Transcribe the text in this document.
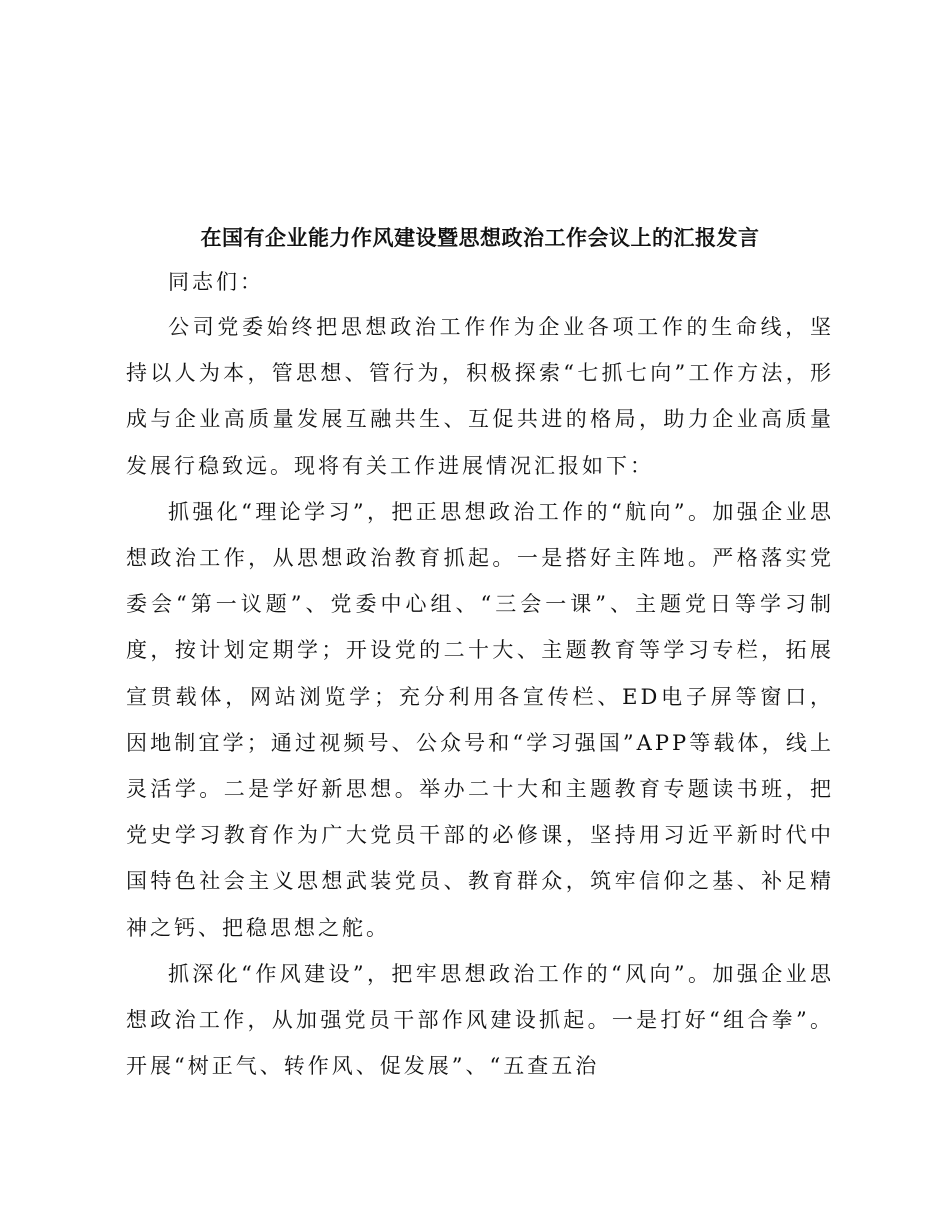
在国有企业能力作风建设暨思想政治工作会议上的汇报发言

同志们：

公司党委始终把思想政治工作作为企业各项工作的生命线，坚持以人为本，管思想、管行为，积极探索“七抓七向”工作方法，形成与企业高质量发展互融共生、互促共进的格局，助力企业高质量发展行稳致远。现将有关工作进展情况汇报如下：

抓强化“理论学习”，把正思想政治工作的“航向”。加强企业思想政治工作，从思想政治教育抓起。一是搭好主阵地。严格落实党委会“第一议题”、党委中心组、“三会一课”、主题党日等学习制度，按计划定期学；开设党的二十大、主题教育等学习专栏，拓展宣贯载体，网站浏览学；充分利用各宣传栏、ED电子屏等窗口，因地制宜学；通过视频号、公众号和“学习强国”APP等载体，线上灵活学。二是学好新思想。举办二十大和主题教育专题读书班，把党史学习教育作为广大党员干部的必修课，坚持用习近平新时代中国特色社会主义思想武装党员、教育群众，筑牢信仰之基、补足精神之钙、把稳思想之舵。

抓深化“作风建设”，把牢思想政治工作的“风向”。加强企业思想政治工作，从加强党员干部作风建设抓起。一是打好“组合拳”。开展“树正气、转作风、促发展”、“五查五治
